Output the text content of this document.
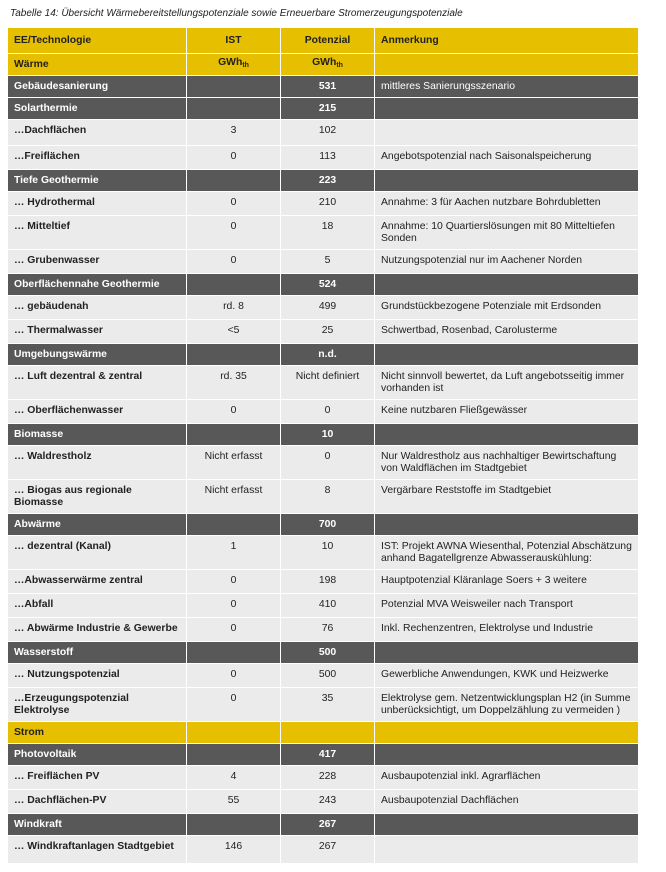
Tabelle 14: Übersicht Wärmebereitstellungspotenziale sowie Erneuerbare Stromerzeugungspotenziale
EE/Technologie	IST	Potenzial	Anmerkung
Wärme	GWh$_{th}$	GWh$_{th}$	
Gebäudesanierung		531	mittleres Sanierungsszenario
Solarthermie		215	
…Dachflächen	3	102	
…Freiflächen	0	113	Angebotspotenzial nach Saisonalspeicherung
Tiefe Geothermie		223	
… Hydrothermal	0	210	Annahme: 3 für Aachen nutzbare Bohrdubletten
… Mitteltief	0	18	Annahme: 10 Quartierslösungen mit 80 Mitteltiefen Sonden
… Grubenwasser	0	5	Nutzungspotenzial nur im Aachener Norden
Oberflächennahe Geothermie		524	
… gebäudenah	rd. 8	499	Grundstückbezogene Potenziale mit Erdsonden
… Thermalwasser	<5	25	Schwertbad, Rosenbad, Carolusterme
Umgebungswärme		n.d.	
… Luft dezentral & zentral	rd. 35	Nicht definiert	Nicht sinnvoll bewertet, da Luft angebotsseitig immer vorhanden ist
… Oberflächenwasser	0	0	Keine nutzbaren Fließgewässer
Biomasse		10	
… Waldrestholz	Nicht erfasst	0	Nur Waldrestholz aus nachhaltiger Bewirtschaftung von Waldflächen im Stadtgebiet
… Biogas aus regionale Biomasse	Nicht erfasst	8	Vergärbare Reststoffe im Stadtgebiet
Abwärme		700	
… dezentral (Kanal)	1	10	IST: Projekt AWNA Wiesenthal, Potenzial Abschätzung anhand Bagatellgrenze Abwasserauskühlung:
…Abwasserwärme zentral	0	198	Hauptpotenzial Kläranlage Soers + 3 weitere
…Abfall	0	410	Potenzial MVA Weisweiler nach Transport
… Abwärme Industrie & Gewerbe	0	76	Inkl. Rechenzentren, Elektrolyse und Industrie
Wasserstoff		500	
… Nutzungspotenzial	0	500	Gewerbliche Anwendungen, KWK und Heizwerke
…Erzeugungspotenzial Elektrolyse	0	35	Elektrolyse gem. Netzentwicklungsplan H2 (in Summe unberücksichtigt, um Doppelzählung zu vermeiden )
Strom			
Photovoltaik		417	
… Freiflächen PV	4	228	Ausbaupotenzial inkl. Agrarflächen
… Dachflächen-PV	55	243	Ausbaupotenzial Dachflächen
Windkraft		267	
… Windkraftanlagen Stadtgebiet	146	267	
